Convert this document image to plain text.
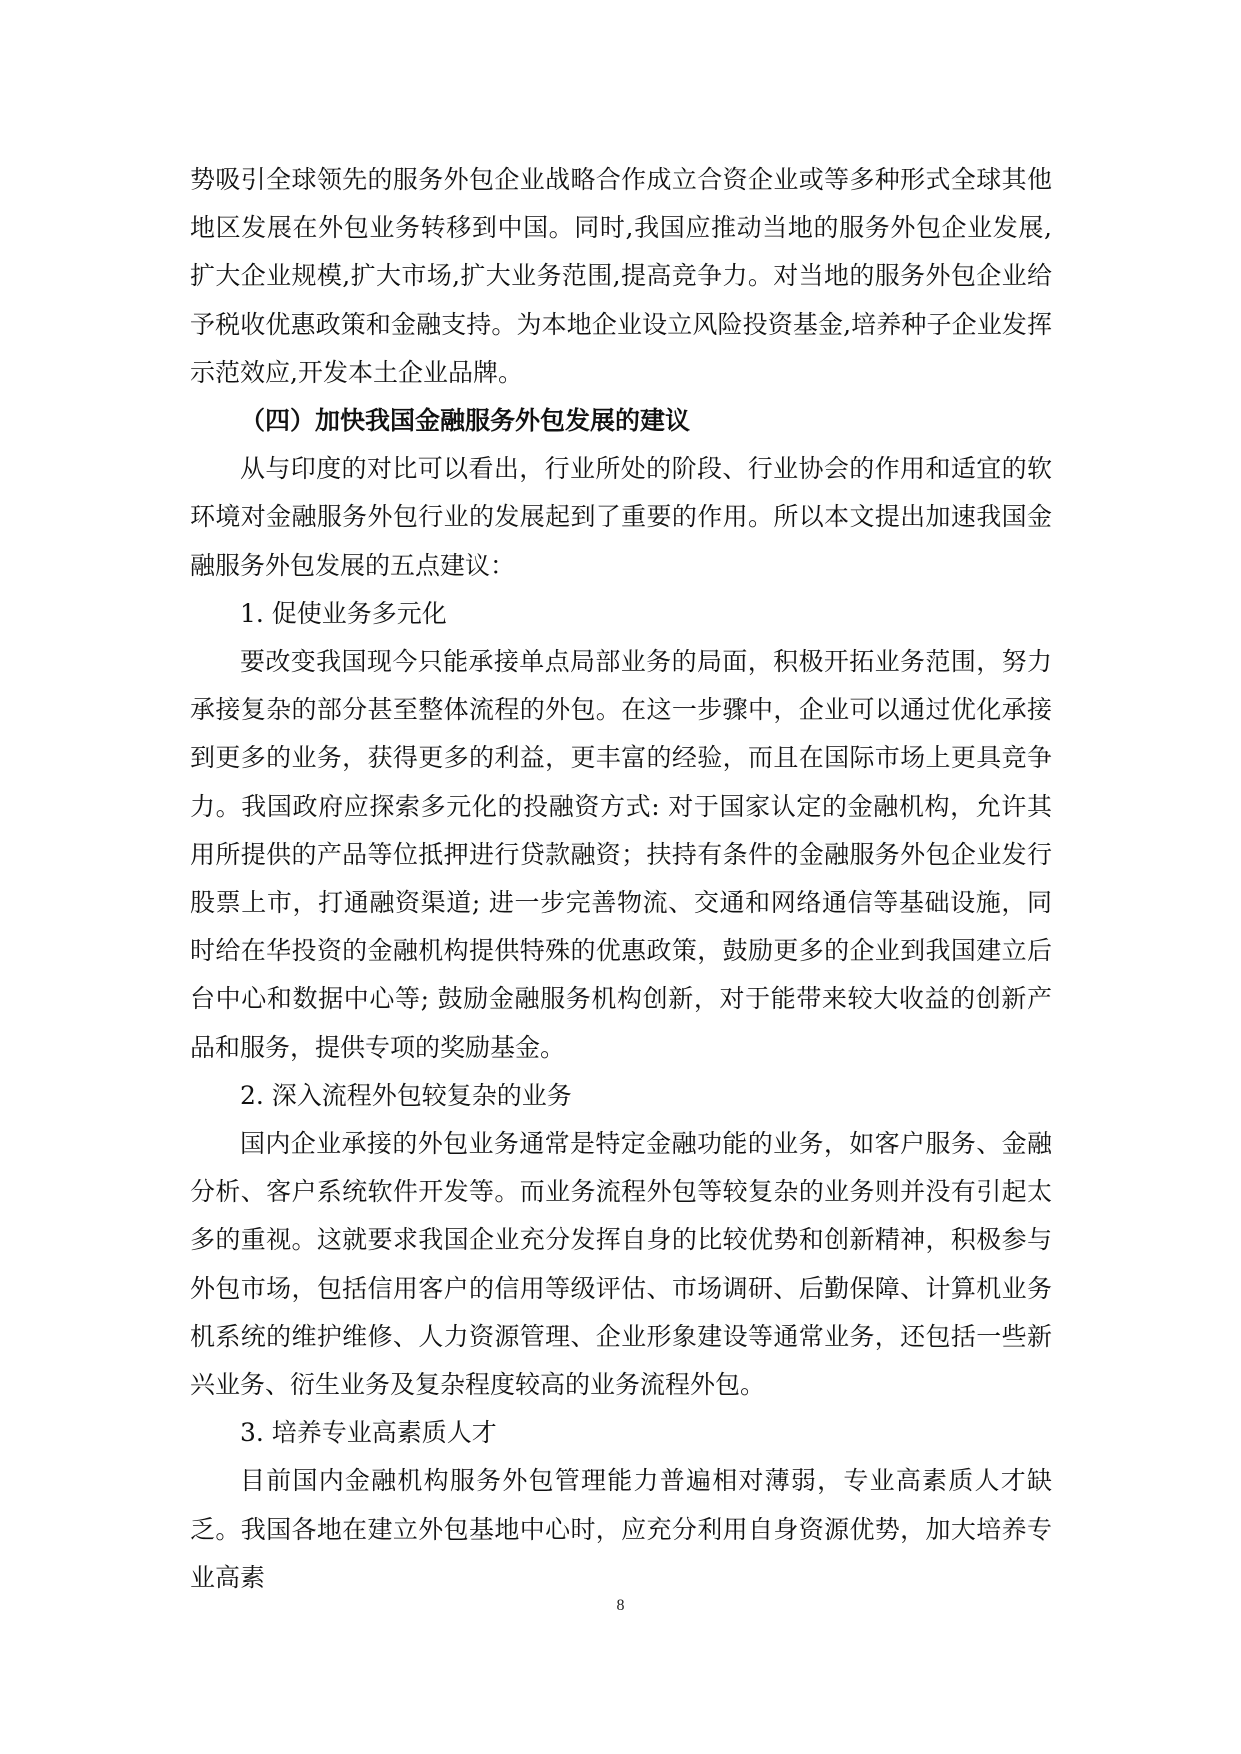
势吸引全球领先的服务外包企业战略合作成立合资企业或等多种形式全球其他地区发展在外包业务转移到中国。同时,我国应推动当地的服务外包企业发展,扩大企业规模,扩大市场,扩大业务范围,提高竞争力。对当地的服务外包企业给予税收优惠政策和金融支持。为本地企业设立风险投资基金,培养种子企业发挥示范效应,开发本土企业品牌。

（四）加快我国金融服务外包发展的建议

从与印度的对比可以看出，行业所处的阶段、行业协会的作用和适宜的软环境对金融服务外包行业的发展起到了重要的作用。所以本文提出加速我国金融服务外包发展的五点建议：

1. 促使业务多元化

要改变我国现今只能承接单点局部业务的局面，积极开拓业务范围，努力承接复杂的部分甚至整体流程的外包。在这一步骤中，企业可以通过优化承接到更多的业务，获得更多的利益，更丰富的经验，而且在国际市场上更具竞争力。我国政府应探索多元化的投融资方式: 对于国家认定的金融机构，允许其用所提供的产品等位抵押进行贷款融资；扶持有条件的金融服务外包企业发行股票上市，打通融资渠道; 进一步完善物流、交通和网络通信等基础设施，同时给在华投资的金融机构提供特殊的优惠政策，鼓励更多的企业到我国建立后台中心和数据中心等; 鼓励金融服务机构创新，对于能带来较大收益的创新产品和服务，提供专项的奖励基金。

2. 深入流程外包较复杂的业务

国内企业承接的外包业务通常是特定金融功能的业务，如客户服务、金融分析、客户系统软件开发等。而业务流程外包等较复杂的业务则并没有引起太多的重视。这就要求我国企业充分发挥自身的比较优势和创新精神，积极参与外包市场，包括信用客户的信用等级评估、市场调研、后勤保障、计算机业务机系统的维护维修、人力资源管理、企业形象建设等通常业务，还包括一些新兴业务、衍生业务及复杂程度较高的业务流程外包。

3. 培养专业高素质人才

目前国内金融机构服务外包管理能力普遍相对薄弱，专业高素质人才缺乏。我国各地在建立外包基地中心时，应充分利用自身资源优势，加大培养专业高素

8
